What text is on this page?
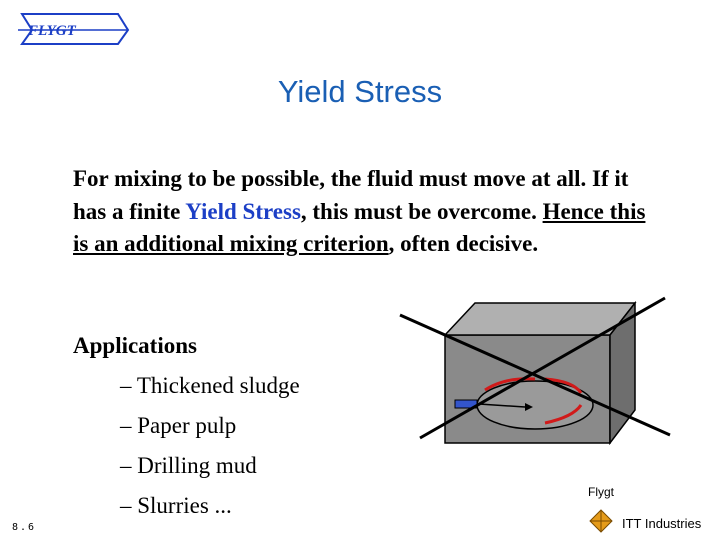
FLYGT
Yield Stress
For mixing to be possible, the fluid must move at all. If it has a finite Yield Stress, this must be overcome. Hence this is an additional mixing criterion, often decisive.
Applications
– Thickened sludge
– Paper pulp
– Drilling mud
– Slurries ...
8.6
Flygt
ITT Industries
